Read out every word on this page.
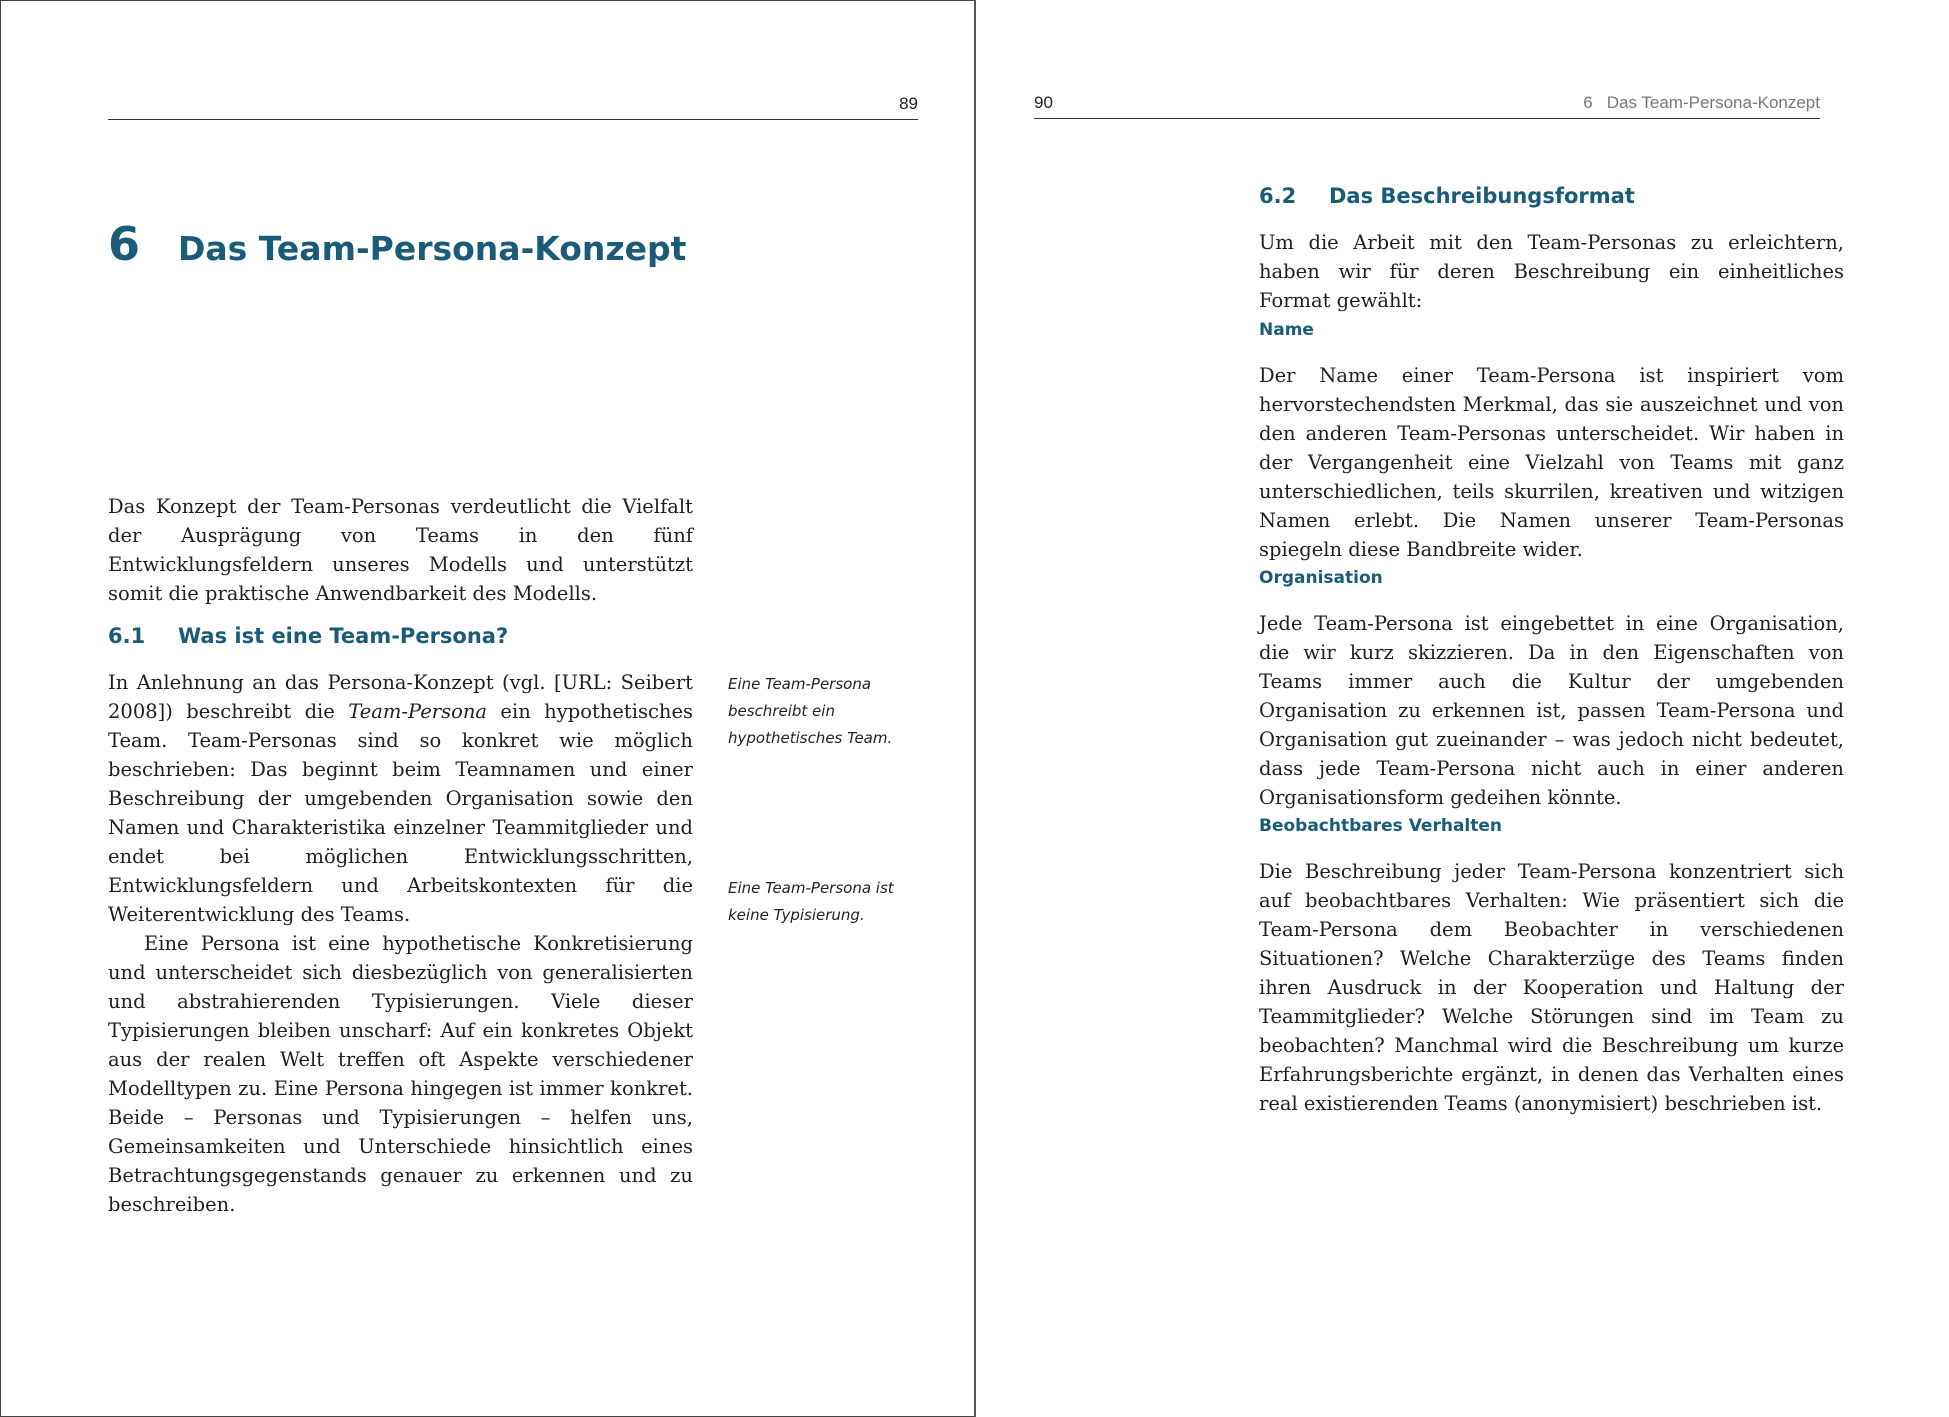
89
6 Das Team-Persona-Konzept

Das Konzept der Team-Personas verdeutlicht die Vielfalt der Ausprägung von Teams in den fünf Entwicklungsfeldern unseres Modells und unterstützt somit die praktische Anwendbarkeit des Modells.

6.1 Was ist eine Team-Persona?

In Anlehnung an das Persona-Konzept (vgl. [URL: Seibert 2008]) beschreibt die Team-Persona ein hypothetisches Team. Team-Personas sind so konkret wie möglich beschrieben: Das beginnt beim Teamnamen und einer Beschreibung der umgebenden Organisation sowie den Namen und Charakteristika einzelner Teammitglieder und endet bei möglichen Entwicklungsschritten, Entwicklungsfeldern und Arbeitskontexten für die Weiterentwicklung des Teams.

Eine Persona ist eine hypothetische Konkretisierung und unterscheidet sich diesbezüglich von generalisierten und abstrahierenden Typisierungen. Viele dieser Typisierungen bleiben unscharf: Auf ein konkretes Objekt aus der realen Welt treffen oft Aspekte verschiedener Modelltypen zu. Eine Persona hingegen ist immer konkret. Beide – Personas und Typisierungen – helfen uns, Gemeinsamkeiten und Unterschiede hinsichtlich eines Betrachtungsgegenstands genauer zu erkennen und zu beschreiben.

Eine Team-Persona beschreibt ein hypothetisches Team.
Eine Team-Persona ist keine Typisierung.
90	6 Das Team-Persona-Konzept
6.2 Das Beschreibungsformat

Um die Arbeit mit den Team-Personas zu erleichtern, haben wir für deren Beschreibung ein einheitliches Format gewählt:

Name

Der Name einer Team-Persona ist inspiriert vom hervorstechendsten Merkmal, das sie auszeichnet und von den anderen Team-Personas unterscheidet. Wir haben in der Vergangenheit eine Vielzahl von Teams mit ganz unterschiedlichen, teils skurrilen, kreativen und witzigen Namen erlebt. Die Namen unserer Team-Personas spiegeln diese Bandbreite wider.

Organisation

Jede Team-Persona ist eingebettet in eine Organisation, die wir kurz skizzieren. Da in den Eigenschaften von Teams immer auch die Kultur der umgebenden Organisation zu erkennen ist, passen Team-Persona und Organisation gut zueinander – was jedoch nicht bedeutet, dass jede Team-Persona nicht auch in einer anderen Organisationsform gedeihen könnte.

Beobachtbares Verhalten

Die Beschreibung jeder Team-Persona konzentriert sich auf beobachtbares Verhalten: Wie präsentiert sich die Team-Persona dem Beobachter in verschiedenen Situationen? Welche Charakterzüge des Teams finden ihren Ausdruck in der Kooperation und Haltung der Teammitglieder? Welche Störungen sind im Team zu beobachten? Manchmal wird die Beschreibung um kurze Erfahrungsberichte ergänzt, in denen das Verhalten eines real existierenden Teams (anonymisiert) beschrieben ist.
